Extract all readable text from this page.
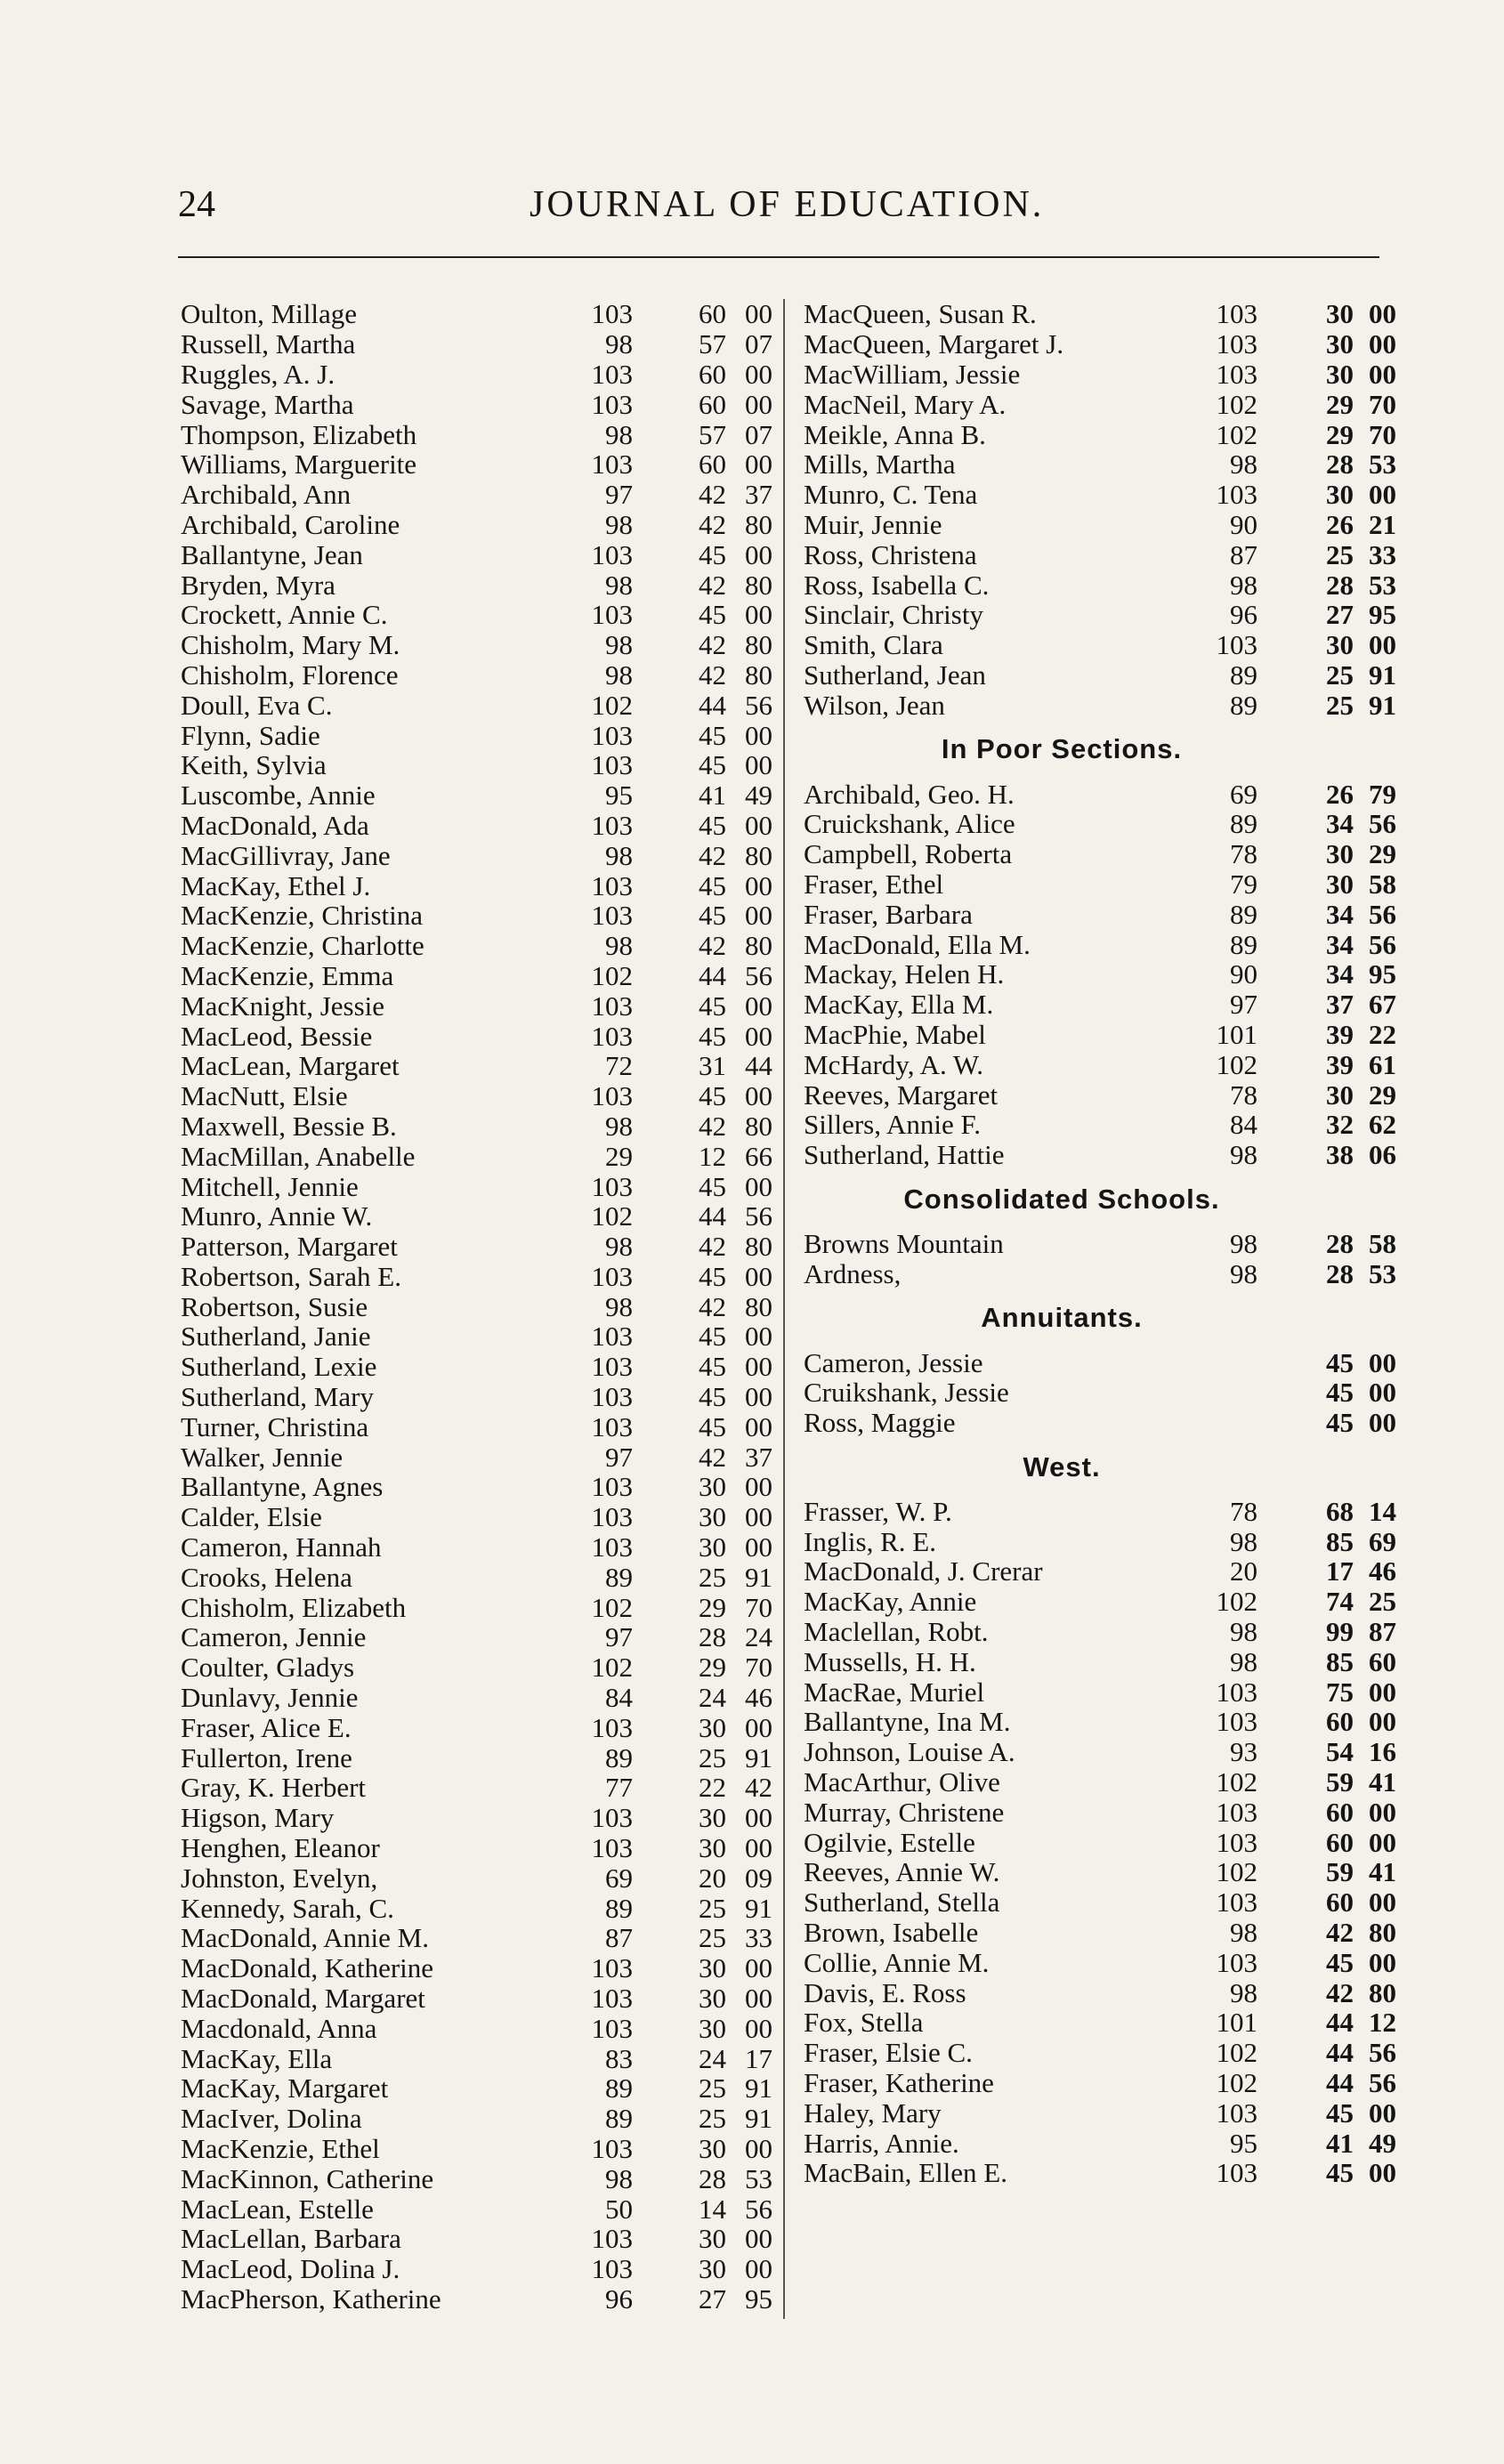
24	JOURNAL OF EDUCATION.
Oulton, Millage	103	60 00
Russell, Martha	98	57 07
Ruggles, A. J.	103	60 00
Savage, Martha	103	60 00
Thompson, Elizabeth	98	57 07
Williams, Marguerite	103	60 00
Archibald, Ann	97	42 37
Archibald, Caroline	98	42 80
Ballantyne, Jean	103	45 00
Bryden, Myra	98	42 80
Crockett, Annie C.	103	45 00
Chisholm, Mary M.	98	42 80
Chisholm, Florence	98	42 80
Doull, Eva C.	102	44 56
Flynn, Sadie	103	45 00
Keith, Sylvia	103	45 00
Luscombe, Annie	95	41 49
MacDonald, Ada	103	45 00
MacGillivray, Jane	98	42 80
MacKay, Ethel J.	103	45 00
MacKenzie, Christina	103	45 00
MacKenzie, Charlotte	98	42 80
MacKenzie, Emma	102	44 56
MacKnight, Jessie	103	45 00
MacLeod, Bessie	103	45 00
MacLean, Margaret	72	31 44
MacNutt, Elsie	103	45 00
Maxwell, Bessie B.	98	42 80
MacMillan, Anabelle	29	12 66
Mitchell, Jennie	103	45 00
Munro, Annie W.	102	44 56
Patterson, Margaret	98	42 80
Robertson, Sarah E.	103	45 00
Robertson, Susie	98	42 80
Sutherland, Janie	103	45 00
Sutherland, Lexie	103	45 00
Sutherland, Mary	103	45 00
Turner, Christina	103	45 00
Walker, Jennie	97	42 37
Ballantyne, Agnes	103	30 00
Calder, Elsie	103	30 00
Cameron, Hannah	103	30 00
Crooks, Helena	89	25 91
Chisholm, Elizabeth	102	29 70
Cameron, Jennie	97	28 24
Coulter, Gladys	102	29 70
Dunlavy, Jennie	84	24 46
Fraser, Alice E.	103	30 00
Fullerton, Irene	89	25 91
Gray, K. Herbert	77	22 42
Higson, Mary	103	30 00
Henghen, Eleanor	103	30 00
Johnston, Evelyn,	69	20 09
Kennedy, Sarah, C.	89	25 91
MacDonald, Annie M.	87	25 33
MacDonald, Katherine	103	30 00
MacDonald, Margaret	103	30 00
Macdonald, Anna	103	30 00
MacKay, Ella	83	24 17
MacKay, Margaret	89	25 91
MacIver, Dolina	89	25 91
MacKenzie, Ethel	103	30 00
MacKinnon, Catherine	98	28 53
MacLean, Estelle	50	14 56
MacLellan, Barbara	103	30 00
MacLeod, Dolina J.	103	30 00
MacPherson, Katherine	96	27 95
MacQueen, Susan R.	103	30 00
MacQueen, Margaret J.	103	30 00
MacWilliam, Jessie	103	30 00
MacNeil, Mary A.	102	29 70
Meikle, Anna B.	102	29 70
Mills, Martha	98	28 53
Munro, C. Tena	103	30 00
Muir, Jennie	90	26 21
Ross, Christena	87	25 33
Ross, Isabella C.	98	28 53
Sinclair, Christy	96	27 95
Smith, Clara	103	30 00
Sutherland, Jean	89	25 91
Wilson, Jean	89	25 91
In Poor Sections.
Archibald, Geo. H.	69	26 79
Cruickshank, Alice	89	34 56
Campbell, Roberta	78	30 29
Fraser, Ethel	79	30 58
Fraser, Barbara	89	34 56
MacDonald, Ella M.	89	34 56
Mackay, Helen H.	90	34 95
MacKay, Ella M.	97	37 67
MacPhie, Mabel	101	39 22
McHardy, A. W.	102	39 61
Reeves, Margaret	78	30 29
Sillers, Annie F.	84	32 62
Sutherland, Hattie	98	38 06
Consolidated Schools.
Browns Mountain	98	28 58
Ardness,	98	28 53
Annuitants.
Cameron, Jessie	45 00
Cruikshank, Jessie	45 00
Ross, Maggie	45 00
West.
Frasser, W. P.	78	68 14
Inglis, R. E.	98	85 69
MacDonald, J. Crerar	20	17 46
MacKay, Annie	102	74 25
Maclellan, Robt.	98	99 87
Mussells, H. H.	98	85 60
MacRae, Muriel	103	75 00
Ballantyne, Ina M.	103	60 00
Johnson, Louise A.	93	54 16
MacArthur, Olive	102	59 41
Murray, Christene	103	60 00
Ogilvie, Estelle	103	60 00
Reeves, Annie W.	102	59 41
Sutherland, Stella	103	60 00
Brown, Isabelle	98	42 80
Collie, Annie M.	103	45 00
Davis, E. Ross	98	42 80
Fox, Stella	101	44 12
Fraser, Elsie C.	102	44 56
Fraser, Katherine	102	44 56
Haley, Mary	103	45 00
Harris, Annie.	95	41 49
MacBain, Ellen E.	103	45 00
